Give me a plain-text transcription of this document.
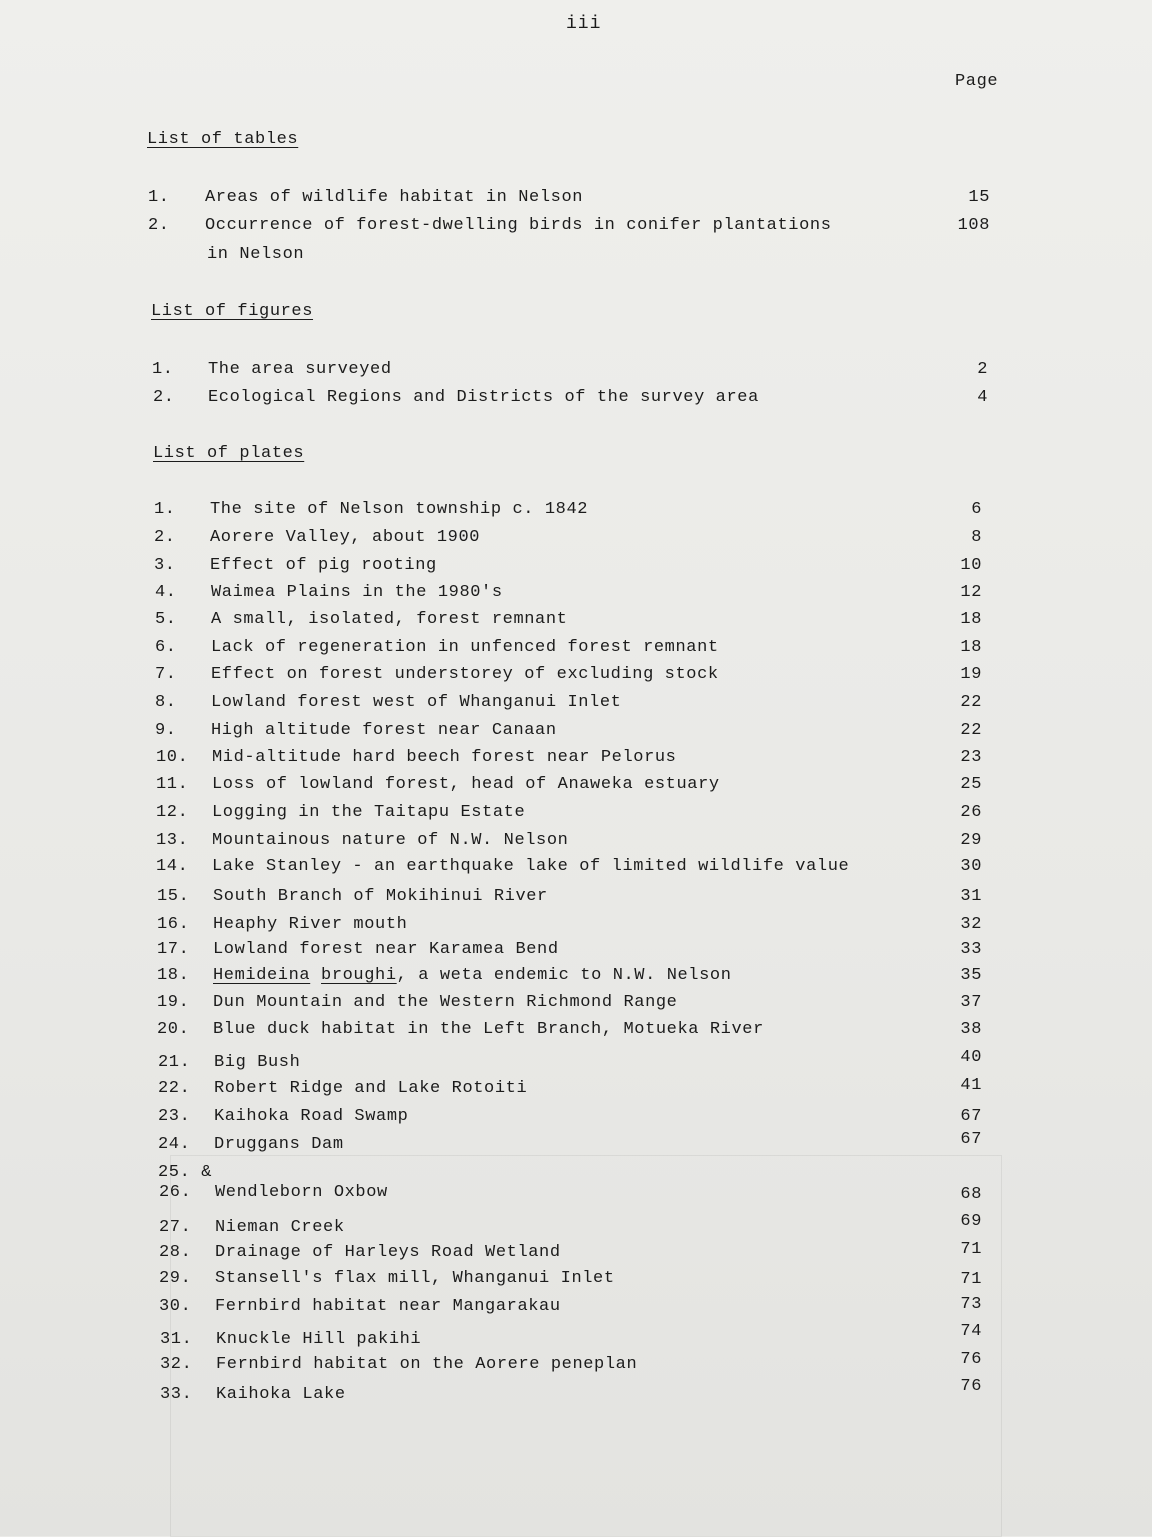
iii
Page
List of tables
1. Areas of wildlife habitat in Nelson	15
2. Occurrence of forest-dwelling birds in conifer plantations	108
in Nelson
List of figures
1. The area surveyed	2
2. Ecological Regions and Districts of the survey area	4
List of plates
1. The site of Nelson township c. 1842	6
2. Aorere Valley, about 1900	8
3. Effect of pig rooting	10
4. Waimea Plains in the 1980's	12
5. A small, isolated, forest remnant	18
6. Lack of regeneration in unfenced forest remnant	18
7. Effect on forest understorey of excluding stock	19
8. Lowland forest west of Whanganui Inlet	22
9. High altitude forest near Canaan	22
10. Mid-altitude hard beech forest near Pelorus	23
11. Loss of lowland forest, head of Anaweka estuary	25
12. Logging in the Taitapu Estate	26
13. Mountainous nature of N.W. Nelson	29
14. Lake Stanley - an earthquake lake of limited wildlife value	30
15. South Branch of Mokihinui River	31
16. Heaphy River mouth	32
17. Lowland forest near Karamea Bend	33
18. Hemideina broughi, a weta endemic to N.W. Nelson	35
19. Dun Mountain and the Western Richmond Range	37
20. Blue duck habitat in the Left Branch, Motueka River	38
21. Big Bush	40
22. Robert Ridge and Lake Rotoiti	41
23. Kaihoka Road Swamp	67
24. Druggans Dam	67
25. &
26. Wendleborn Oxbow	68
27. Nieman Creek	69
28. Drainage of Harleys Road Wetland	71
29. Stansell's flax mill, Whanganui Inlet	71
30. Fernbird habitat near Mangarakau	73
31. Knuckle Hill pakihi	74
32. Fernbird habitat on the Aorere peneplan	76
33. Kaihoka Lake	76
